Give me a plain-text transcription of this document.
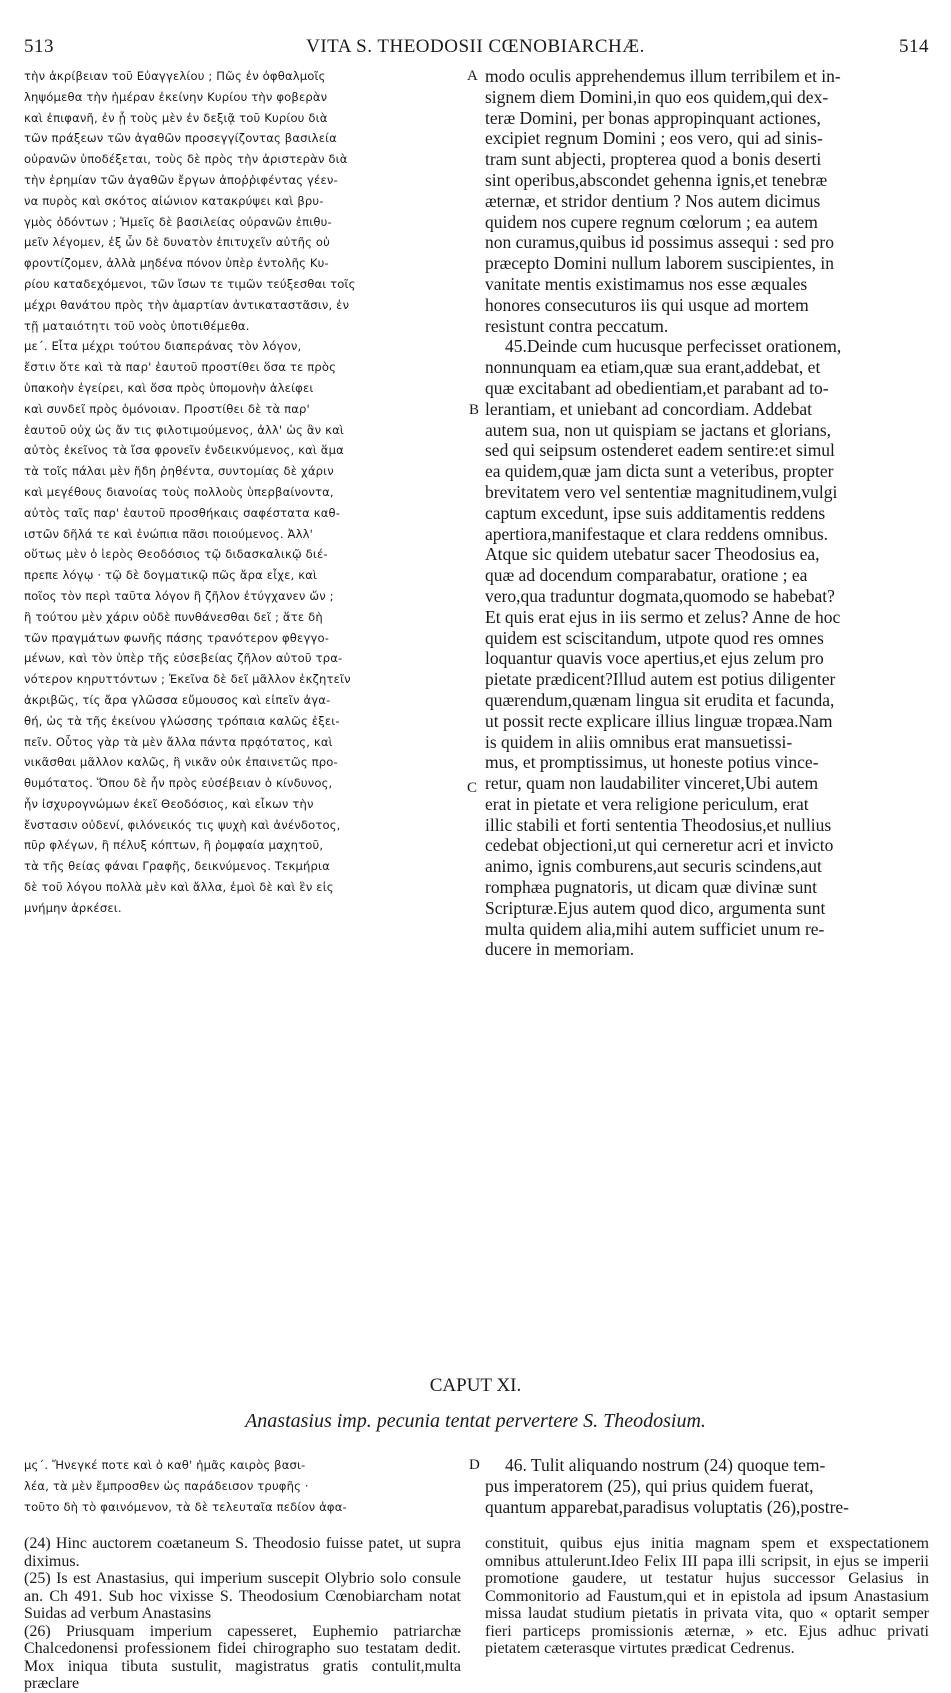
513	VITA S. THEODOSII CŒNOBIARCHÆ.	514
τὴν ἀκρίβειαν τοῦ Εὐαγγελίου ; Πῶς ἐν ὀφθαλμοῖς
ληψόμεθα τὴν ἡμέραν ἐκείνην Κυρίου τὴν φοβερὰν
καὶ ἐπιφανῆ, ἐν ᾗ τοὺς μὲν ἐν δεξιᾷ τοῦ Κυρίου διὰ
τῶν πράξεων τῶν ἀγαθῶν προσεγγίζοντας βασιλεία
οὐρανῶν ὑποδέξεται, τοὺς δὲ πρὸς τὴν ἀριστερὰν διὰ
τὴν ἐρημίαν τῶν ἀγαθῶν ἔργων ἀποῤῥιφέντας γέεν-
να πυρὸς καὶ σκότος αἰώνιον κατακρύψει καὶ βρυ-
γμὸς ὀδόντων ; Ἡμεῖς δὲ βασιλείας οὐρανῶν ἐπιθυ-
μεῖν λέγομεν, ἐξ ὧν δὲ δυνατὸν ἐπιτυχεῖν αὐτῆς οὐ
φροντίζομεν, ἀλλὰ μηδένα πόνον ὑπὲρ ἐντολῆς Κυ-
ρίου καταδεχόμενοι, τῶν ἴσων τε τιμῶν τεύξεσθαι τοῖς
μέχρι θανάτου πρὸς τὴν ἁμαρτίαν ἀντικαταστᾶσιν, ἐν
τῇ ματαιότητι τοῦ νοὸς ὑποτιθέμεθα.
με΄. Εἶτα μέχρι τούτου διαπεράνας τὸν λόγον,
ἔστιν ὅτε καὶ τὰ παρ' ἑαυτοῦ προστίθει ὅσα τε πρὸς
ὑπακοὴν ἐγείρει, καὶ ὅσα πρὸς ὑπομονὴν ἀλείφει
καὶ συνδεῖ πρὸς ὁμόνοιαν. Προστίθει δὲ τὰ παρ'
ἑαυτοῦ οὐχ ὡς ἄν τις φιλοτιμούμενος, ἀλλ' ὡς ἂν καὶ
αὐτὸς ἐκεῖνος τὰ ἴσα φρονεῖν ἐνδεικνύμενος, καὶ ἅμα
τὰ τοῖς πάλαι μὲν ἤδη ῥηθέντα, συντομίας δὲ χάριν
καὶ μεγέθους διανοίας τοὺς πολλοὺς ὑπερβαίνοντα,
αὐτὸς ταῖς παρ' ἑαυτοῦ προσθήκαις σαφέστατα καθ-
ιστῶν δῆλά τε καὶ ἐνώπια πᾶσι ποιούμενος. Ἀλλ'
οὕτως μὲν ὁ ἱερὸς Θεοδόσιος τῷ διδασκαλικῷ διέ-
πρεπε λόγῳ · τῷ δὲ δογματικῷ πῶς ἄρα εἶχε, καὶ
ποῖος τὸν περὶ ταῦτα λόγον ἢ ζῆλον ἐτύγχανεν ὤν ;
ἢ τούτου μὲν χάριν οὐδὲ πυνθάνεσθαι δεῖ ; ἅτε δὴ
τῶν πραγμάτων φωνῆς πάσης τρανότερον φθεγγο-
μένων, καὶ τὸν ὑπὲρ τῆς εὐσεβείας ζῆλον αὐτοῦ τρα-
νότερον κηρυττόντων ; Ἐκεῖνα δὲ δεῖ μᾶλλον ἐκζητεῖν
ἀκριβῶς, τίς ἄρα γλῶσσα εὔμουσος καὶ εἰπεῖν ἀγα-
θή, ὡς τὰ τῆς ἐκείνου γλώσσης τρόπαια καλῶς ἐξει-
πεῖν. Οὗτος γὰρ τὰ μὲν ἄλλα πάντα πρᾳότατος, καὶ
νικᾶσθαι μᾶλλον καλῶς, ἢ νικᾶν οὐκ ἐπαινετῶς προ-
θυμότατος. Ὅπου δὲ ἦν πρὸς εὐσέβειαν ὁ κίνδυνος,
ἦν ἰσχυρογνώμων ἐκεῖ Θεοδόσιος, καὶ εἶκων τὴν
ἔνστασιν οὐδενί, φιλόνεικός τις ψυχὴ καὶ ἀνένδοτος,
πῦρ φλέγων, ἢ πέλυξ κόπτων, ἢ ῥομφαία μαχητοῦ,
τὰ τῆς θείας φάναι Γραφῆς, δεικνύμενος. Τεκμήρια
δὲ τοῦ λόγου πολλὰ μὲν καὶ ἄλλα, ἐμοὶ δὲ καὶ ἓν εἰς
μνήμην ἀρκέσει.
modo oculis apprehendemus illum terribilem et in-
signem diem Domini,in quo eos quidem,qui dex-
teræ Domini, per bonas appropinquant actiones,
excipiet regnum Domini ; eos vero, qui ad sinis-
tram sunt abjecti, propterea quod a bonis deserti
sint operibus,abscondet gehenna ignis,et tenebræ
æternæ, et stridor dentium ? Nos autem dicimus
quidem nos cupere regnum cœlorum ; ea autem
non curamus,quibus id possimus assequi : sed pro
præcepto Domini nullum laborem suscipientes, in
vanitate mentis existimamus nos esse æquales
honores consecuturos iis qui usque ad mortem
resistunt contra peccatum.
45.Deinde cum hucusque perfecisset orationem,
nonnunquam ea etiam,quæ sua erant,addebat, et
quæ excitabant ad obedientiam,et parabant ad to-
lerantiam, et uniebant ad concordiam. Addebat
autem sua, non ut quispiam se jactans et glorians,
sed qui seipsum ostenderet eadem sentire:et simul
ea quidem,quæ jam dicta sunt a veteribus, propter
brevitatem vero vel sententiæ magnitudinem,vulgi
captum excedunt, ipse suis additamentis reddens
apertiora,manifestaque et clara reddens omnibus.
Atque sic quidem utebatur sacer Theodosius ea,
quæ ad docendum comparabatur, oratione ; ea
vero,qua traduntur dogmata,quomodo se habebat?
Et quis erat ejus in iis sermo et zelus? Anne de hoc
quidem est sciscitandum, utpote quod res omnes
loquantur quavis voce apertius,et ejus zelum pro
pietate prædicent?Illud autem est potius diligenter
quærendum,quænam lingua sit erudita et facunda,
ut possit recte explicare illius linguæ tropæa.Nam
is quidem in aliis omnibus erat mansuetissi-
mus, et promptissimus, ut honeste potius vince-
retur, quam non laudabiliter vinceret,Ubi autem
erat in pietate et vera religione periculum, erat
illic stabili et forti sententia Theodosius,et nullius
cedebat objectioni,ut qui cerneretur acri et invicto
animo, ignis comburens,aut securis scindens,aut
romphæa pugnatoris, ut dicam quæ divinæ sunt
Scripturæ.Ejus autem quod dico, argumenta sunt
multa quidem alia,mihi autem sufficiet unum re-
ducere in memoriam.
A
B
C
D
CAPUT XI.
Anastasius imp. pecunia tentat pervertere S. Theodosium.
μς΄. Ἤνεγκέ ποτε καὶ ὁ καθ' ἡμᾶς καιρὸς βασι-
λέα, τὰ μὲν ἔμπροσθεν ὡς παράδεισον τρυφῆς ·
τοῦτο δὴ τὸ φαινόμενον, τὰ δὲ τελευταῖα πεδίον ἀφα-
46. Tulit aliquando nostrum (24) quoque tem-
pus imperatorem (25), qui prius quidem fuerat,
quantum apparebat,paradisus voluptatis (26),postre-

(24) Hinc auctorem coætaneum S. Theodosio fuisse patet, ut supra diximus.

(25) Is est Anastasius, qui imperium suscepit Olybrio solo consule an. Ch 491. Sub hoc vixisse S. Theodosium Cœnobiarcham notat Suidas ad verbum Anastasins

(26) Priusquam imperium capesseret, Euphemio patriarchæ Chalcedonensi professionem fidei chirographo suo testatam dedit. Mox iniqua tibuta sustulit, magistratus gratis contulit,multa præclare

constituit, quibus ejus initia magnam spem et exspectationem omnibus attulerunt.Ideo Felix III papa illi scripsit, in ejus se imperii promotione gaudere, ut testatur hujus successor Gelasius in Commonitorio ad Faustum,qui et in epistola ad ipsum Anastasium missa laudat studium pietatis in privata vita, quo « optarit semper fieri particeps promissionis æternæ, » etc. Ejus adhuc privati pietatem cæterasque virtutes prædicat Cedrenus.
